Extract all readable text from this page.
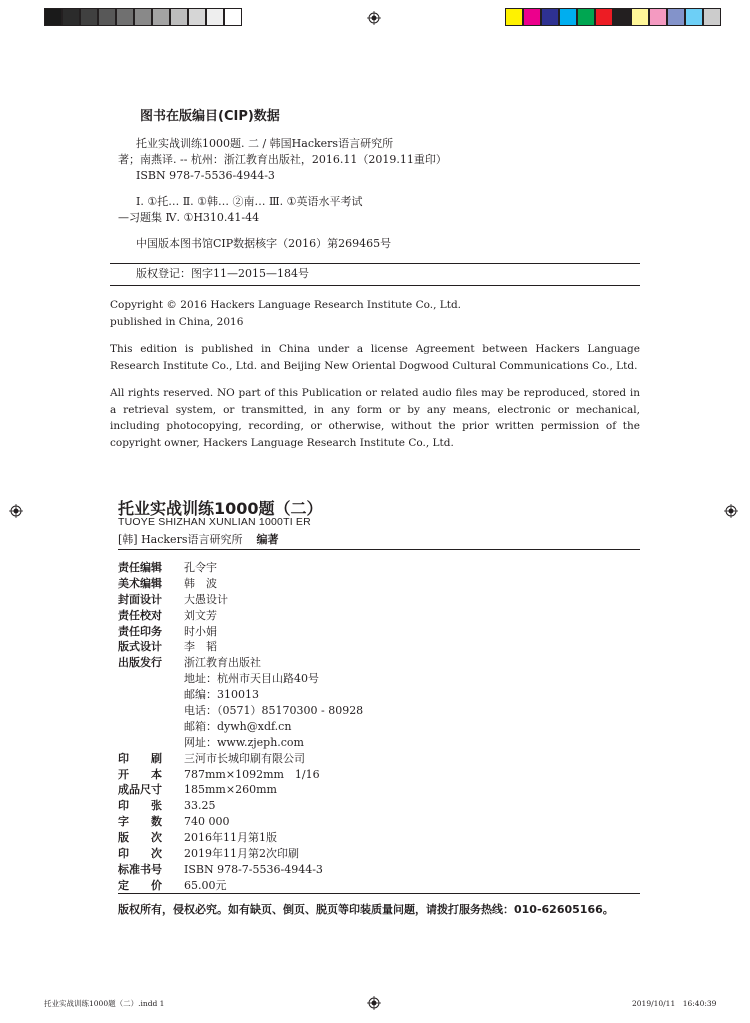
图书在版编目(CIP)数据
托业实战训练1000题. 二 / 韩国Hackers语言研究所
著；南燕译. -- 杭州：浙江教育出版社，2016.11（2019.11重印）
ISBN 978-7-5536-4944-3
Ⅰ. ①托… Ⅱ. ①韩… ②南… Ⅲ. ①英语水平考试
—习题集 Ⅳ. ①H310.41-44
中国版本图书馆CIP数据核字（2016）第269465号
版权登记：图字11—2015—184号
Copyright © 2016 Hackers Language Research Institute Co., Ltd.
published in China, 2016
This edition is published in China under a license Agreement between Hackers Language Research Institute Co., Ltd. and Beijing New Oriental Dogwood Cultural Communications Co., Ltd.
All rights reserved. NO part of this Publication or related audio files may be reproduced, stored in a retrieval system, or transmitted, in any form or by any means, electronic or mechanical, including photocopying, recording, or otherwise, without the prior written permission of the copyright owner, Hackers Language Research Institute Co., Ltd.
托业实战训练1000题（二）
TUOYE SHIZHAN XUNLIAN 1000TI ER
[韩] Hackers语言研究所 编著
责任编辑	孔令宇
美术编辑	韩　波
封面设计	大愚设计
责任校对	刘文芳
责任印务	时小娟
版式设计	李　韬
出版发行	浙江教育出版社
地址：杭州市天目山路40号
邮编：310013
电话：（0571）85170300 - 80928
邮箱：dywh@xdf.cn
网址：www.zjeph.com
印　　刷	三河市长城印刷有限公司
开　　本	787mm×1092mm　1/16
成品尺寸	185mm×260mm
印　　张	33.25
字　　数	740 000
版　　次	2016年11月第1版
印　　次	2019年11月第2次印刷
标准书号	ISBN 978-7-5536-4944-3
定　　价	65.00元
版权所有，侵权必究。如有缺页、倒页、脱页等印装质量问题，请拨打服务热线：010-62605166。
托业实战训练1000题（二）.indd 1	2019/10/11　16:40:39
